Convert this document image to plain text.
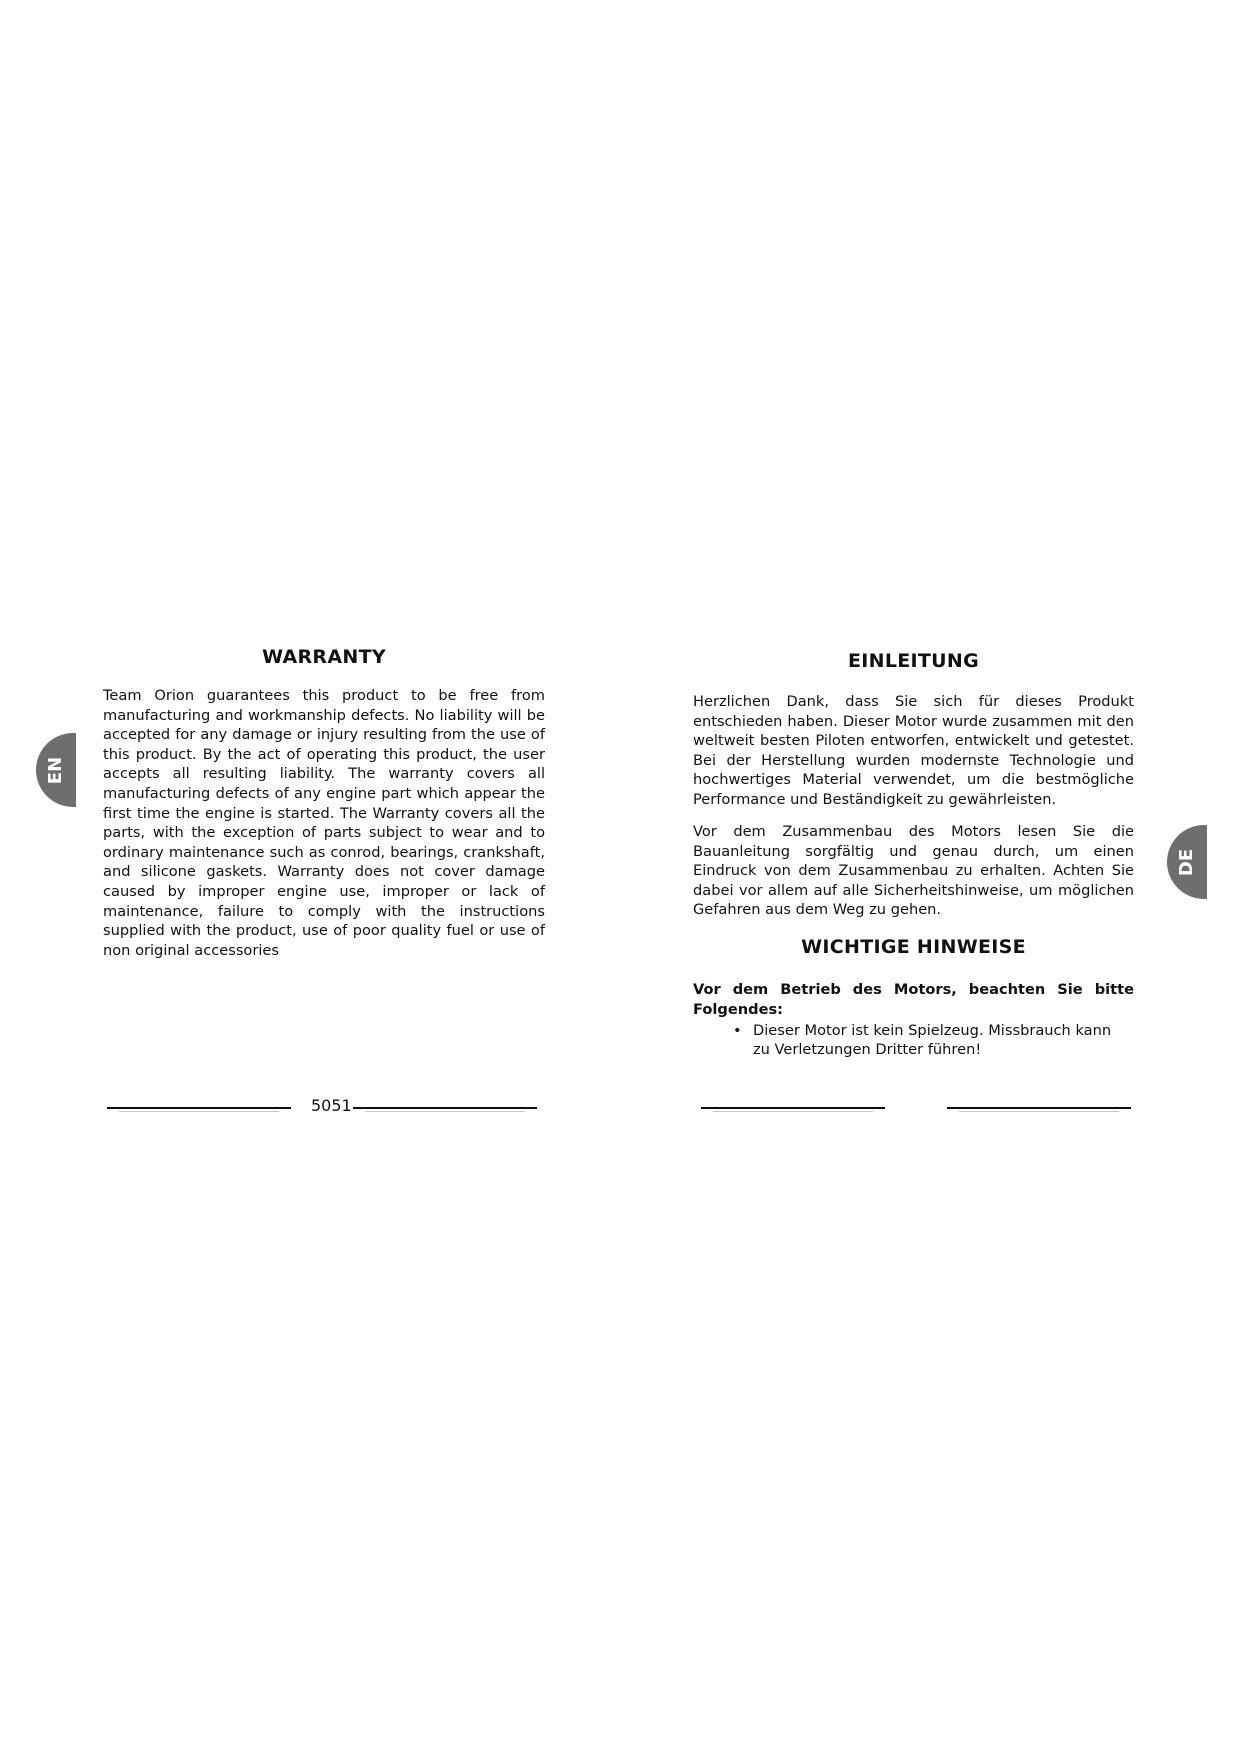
EN
WARRANTY

Team Orion guarantees this product to be free from manufacturing and workmanship defects. No liability will be accepted for any damage or injury resulting from the use of this product. By the act of operating this product, the user accepts all resulting liability. The warranty covers all manufacturing defects of any engine part which appear the first time the engine is started. The Warranty covers all the parts, with the exception of parts subject to wear and to ordinary maintenance such as conrod, bearings, crankshaft, and silicone gaskets. Warranty does not cover damage caused by improper engine use, improper or lack of maintenance, failure to comply with the instructions supplied with the product, use of poor quality fuel or use of non original accessories

5051
EINLEITUNG

Herzlichen Dank, dass Sie sich für dieses Produkt entschieden haben. Dieser Motor wurde zusammen mit den weltweit besten Piloten entworfen, entwickelt und getestet. Bei der Herstellung wurden modernste Technologie und hochwertiges Material verwendet, um die bestmögliche Performance und Beständigkeit zu gewährleisten.

Vor dem Zusammenbau des Motors lesen Sie die Bauanleitung sorgfältig und genau durch, um einen Eindruck von dem Zusammenbau zu erhalten. Achten Sie dabei vor allem auf alle Sicherheitshinweise, um möglichen Gefahren aus dem Weg zu gehen.

WICHTIGE HINWEISE

Vor dem Betrieb des Motors, beachten Sie bitte Folgendes:

• Dieser Motor ist kein Spielzeug. Missbrauch kann zu Verletzungen Dritter führen!
DE
